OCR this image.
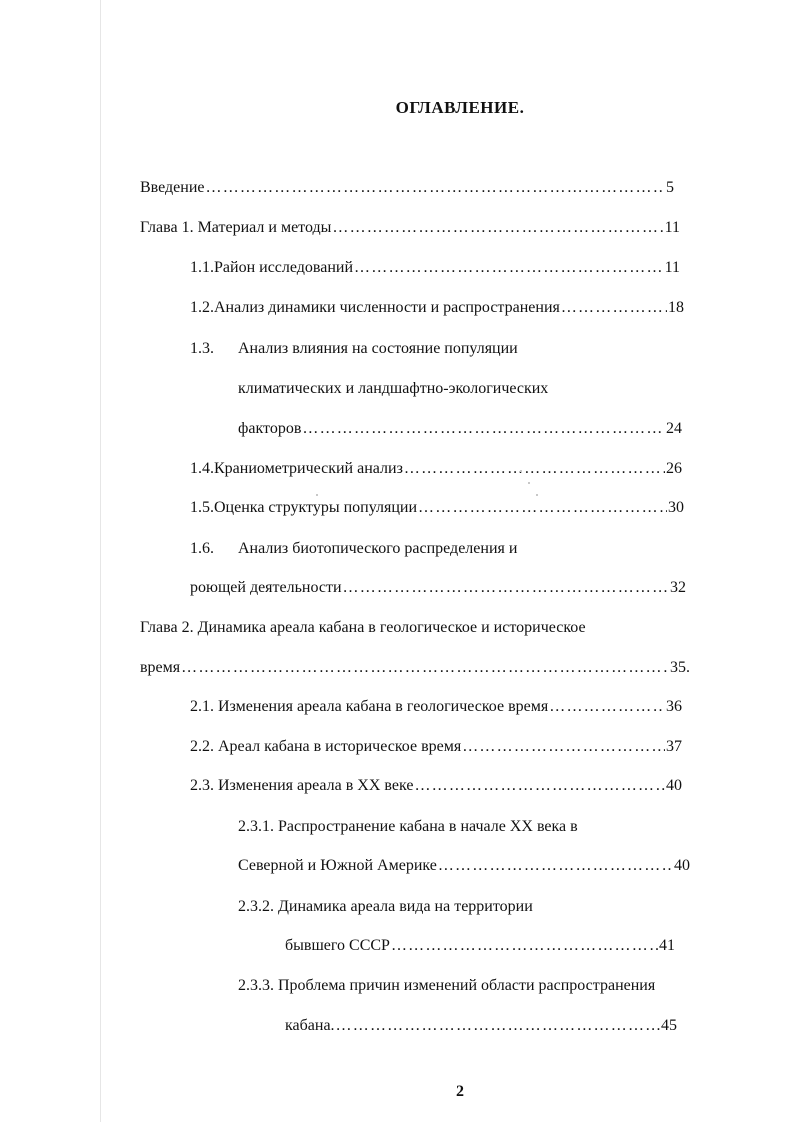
ОГЛАВЛЕНИЕ.
Введение ……………………………………………………………………………………………………………………………………………………	5
Глава 1. Материал и методы ……………………………………………………………………………………………………………………………………………………	11
1.1. Район исследований ……………………………………………………………………………………………………………………………………………………	11
1.2. Анализ динамики численности и распространения ……………………………………………………………………………………………………………………………………………………	18
1.3. Анализ влияния на состояние популяции
климатических и ландшафтно-экологических
факторов ……………………………………………………………………………………………………………………………………………………	24
1.4. Краниометрический анализ ……………………………………………………………………………………………………………………………………………………	26
1.5. Оценка структуры популяции ……………………………………………………………………………………………………………………………………………………	30
1.6. Анализ биотопического распределения и
роющей деятельности ……………………………………………………………………………………………………………………………………………………	32
Глава 2. Динамика ареала кабана в геологическое и историческое
время ……………………………………………………………………………………………………………………………………………………	35.
2.1. Изменения ареала кабана в геологическое время ……………………………………………………………………………………………………………………………………………………	36
2.2. Ареал кабана в историческое время ……………………………………………………………………………………………………………………………………………………	37
2.3. Изменения ареала в XX веке ……………………………………………………………………………………………………………………………………………………	40
2.3.1. Распространение кабана в начале XX века в
Северной и Южной Америке ……………………………………………………………………………………………………………………………………………………	40
2.3.2. Динамика ареала вида на территории
бывшего СССР ……………………………………………………………………………………………………………………………………………………	41
2.3.3. Проблема причин изменений области распространения
кабана. ……………………………………………………………………………………………………………………………………………………	45
2
